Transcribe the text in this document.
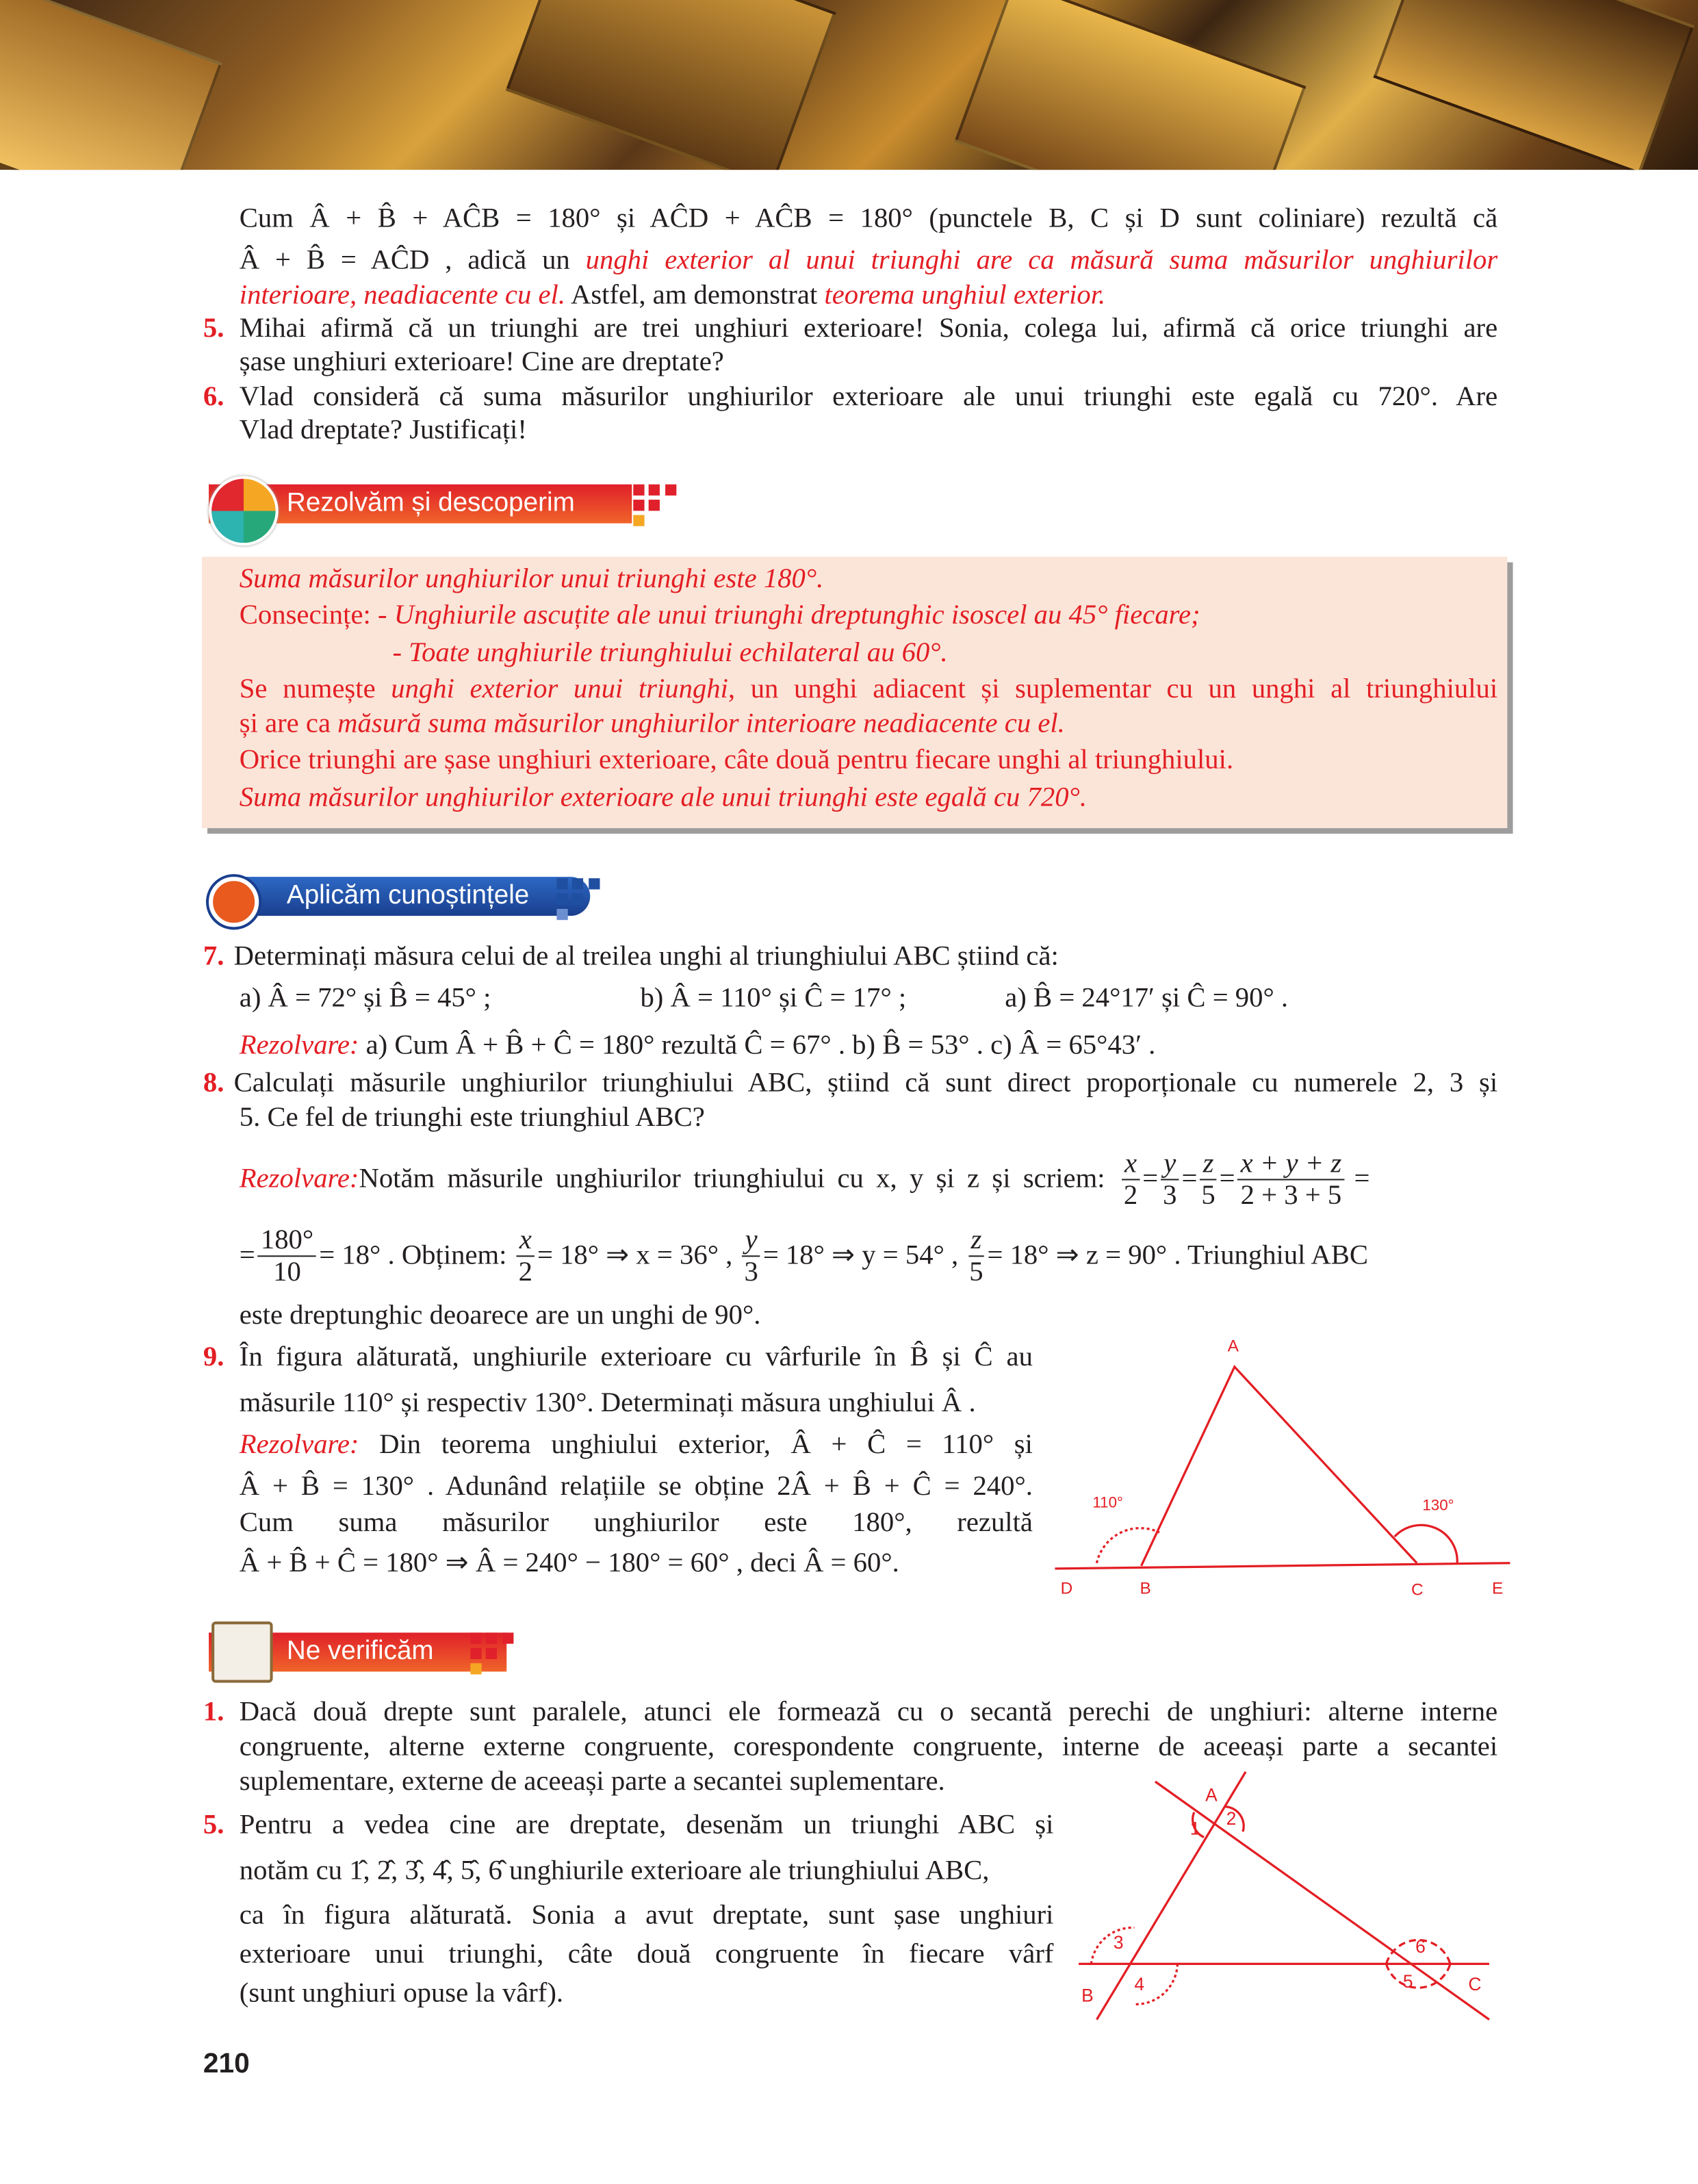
Cum Â + B̂ + AĈB = 180° și AĈD + AĈB = 180° (punctele B, C și D sunt coliniare) rezultă că
Â + B̂ = AĈD , adică un unghi exterior al unui triunghi are ca măsură suma măsurilor unghiurilor
interioare, neadiacente cu el. Astfel, am demonstrat teorema unghiul exterior.
5. Mihai afirmă că un triunghi are trei unghiuri exterioare! Sonia, colega lui, afirmă că orice triunghi are
șase unghiuri exterioare! Cine are dreptate?
6. Vlad consideră că suma măsurilor unghiurilor exterioare ale unui triunghi este egală cu 720°. Are
Vlad dreptate? Justificați!
Rezolvăm și descoperim
Suma măsurilor unghiurilor unui triunghi este 180°.
Consecințe: - Unghiurile ascuțite ale unui triunghi dreptunghic isoscel au 45° fiecare;
- Toate unghiurile triunghiului echilateral au 60°.
Se numește unghi exterior unui triunghi, un unghi adiacent și suplementar cu un unghi al triunghiului
și are ca măsură suma măsurilor unghiurilor interioare neadiacente cu el.
Orice triunghi are șase unghiuri exterioare, câte două pentru fiecare unghi al triunghiului.
Suma măsurilor unghiurilor exterioare ale unui triunghi este egală cu 720°.
Aplicăm cunoștințele
7. Determinați măsura celui de al treilea unghi al triunghiului ABC știind că:
a) Â = 72° și B̂ = 45° ;	b) Â = 110° și Ĉ = 17° ;	a) B̂ = 24°17′ și Ĉ = 90° .
Rezolvare: a) Cum Â + B̂ + Ĉ = 180° rezultă Ĉ = 67° . b) B̂ = 53° . c) Â = 65°43′ .
8. Calculați măsurile unghiurilor triunghiului ABC, știind că sunt direct proporționale cu numerele 2, 3 și
5. Ce fel de triunghi este triunghiul ABC?
Rezolvare: Notăm măsurile unghiurilor triunghiului cu x, y și z și scriem: $\frac{x}{2} = \frac{y}{3} = \frac{z}{5} = \frac{x + y + z}{2 + 3 + 5}$ =
= $\frac{180^\circ}{10} = 18^\circ$ . Obținem:
$\frac{x}{2} = 18^\circ$ ⇒ x = 36° ,
$\frac{y}{3} = 18^\circ$ ⇒ y = 54° ,
$\frac{z}{5} = 18^\circ$ ⇒ z = 90° . Triunghiul ABC
este dreptunghic deoarece are un unghi de 90°.
9. În figura alăturată, unghiurile exterioare cu vârfurile în B̂ și Ĉ au
măsurile 110° și respectiv 130°. Determinați măsura unghiului Â .
Rezolvare: Din teorema unghiului exterior, Â + Ĉ = 110° și
Â + B̂ = 130° . Adunând relațiile se obține 2Â + B̂ + Ĉ = 240°.
Cum suma măsurilor unghiurilor este 180°, rezultă
Â + B̂ + Ĉ = 180° ⇒ Â = 240° − 180° = 60° , deci Â = 60°.
A
110°	130°
D	B	C	E
Ne verificăm
1. Dacă două drepte sunt paralele, atunci ele formează cu o secantă perechi de unghiuri: alterne interne
congruente, alterne externe congruente, corespondente congruente, interne de aceeași parte a secantei
suplementare, externe de aceeași parte a secantei suplementare.
5. Pentru a vedea cine are dreptate, desenăm un triunghi ABC și
notăm cu 1̂, 2̂, 3̂, 4̂, 5̂, 6̂ unghiurile exterioare ale triunghiului ABC,
ca în figura alăturată. Sonia a avut dreptate, sunt șase unghiuri
exterioare unui triunghi, câte două congruente în fiecare vârf
(sunt unghiuri opuse la vârf).
A
1	2
3
4	5
6
B
C
210
